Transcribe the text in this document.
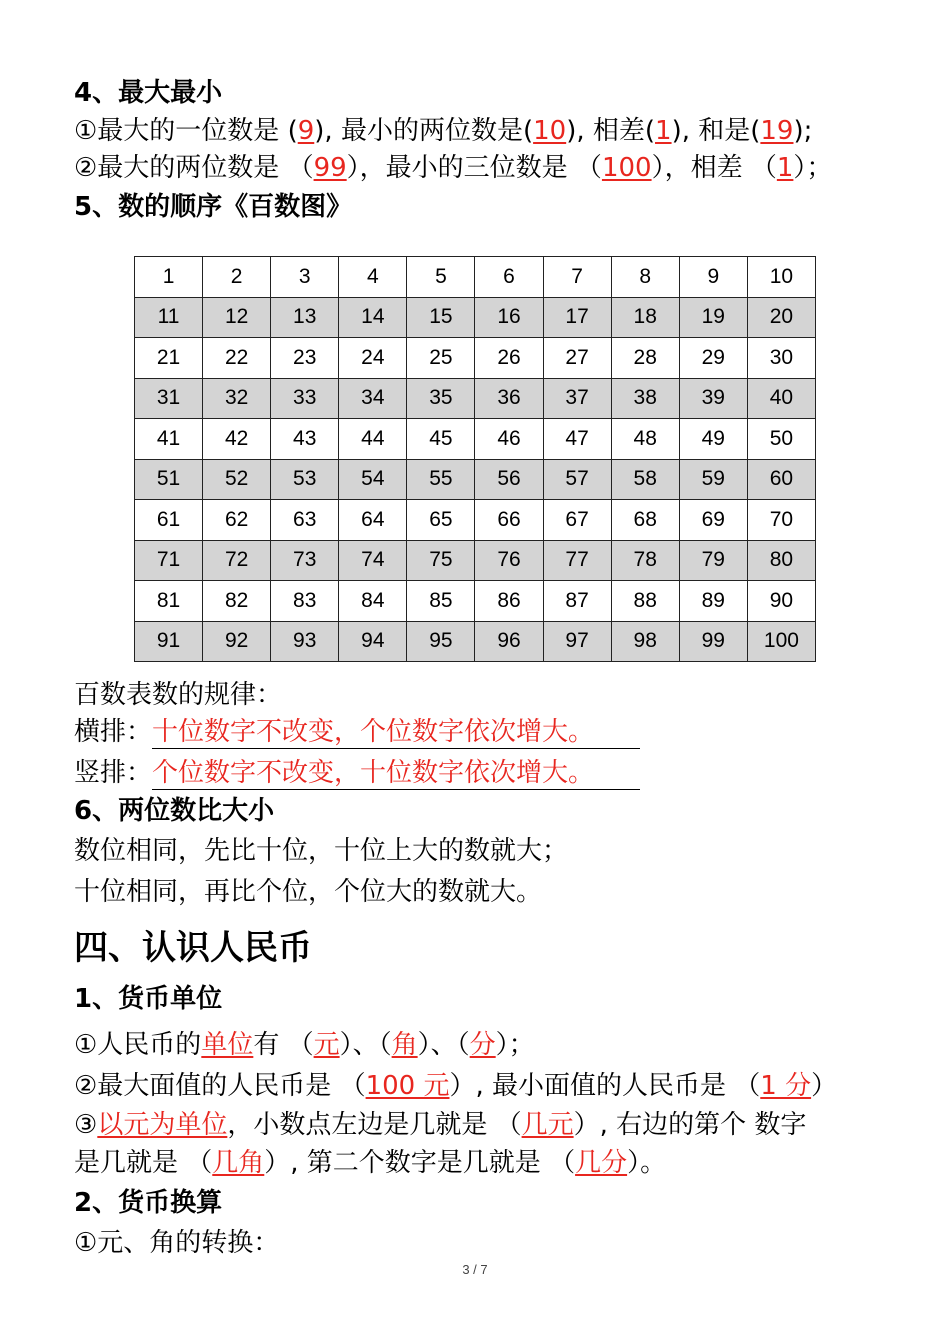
4、最大最小
①最大的一位数是 (9), 最小的两位数是(10), 相差(1), 和是(19);
②最大的两位数是 （99），最小的三位数是 （100），相差 （1）；
5、数的顺序《百数图》
1	2	3	4	5	6	7	8	9	10
11	12	13	14	15	16	17	18	19	20
21	22	23	24	25	26	27	28	29	30
31	32	33	34	35	36	37	38	39	40
41	42	43	44	45	46	47	48	49	50
51	52	53	54	55	56	57	58	59	60
61	62	63	64	65	66	67	68	69	70
71	72	73	74	75	76	77	78	79	80
81	82	83	84	85	86	87	88	89	90
91	92	93	94	95	96	97	98	99	100
百数表数的规律：
横排：十位数字不改变，个位数字依次增大。
竖排：个位数字不改变，十位数字依次增大。
6、两位数比大小
数位相同，先比十位，十位上大的数就大；
十位相同，再比个位，个位大的数就大。
四、认识人民币
1、货币单位
①人民币的单位有 （元）、（角）、（分）；
②最大面值的人民币是 （100 元）, 最小面值的人民币是 （1 分）
③以元为单位，小数点左边是几就是 （几元）, 右边的第个 数字
是几就是 （几角）, 第二个数字是几就是 （几分）。
2、货币换算
①元、角的转换：
3 / 7
